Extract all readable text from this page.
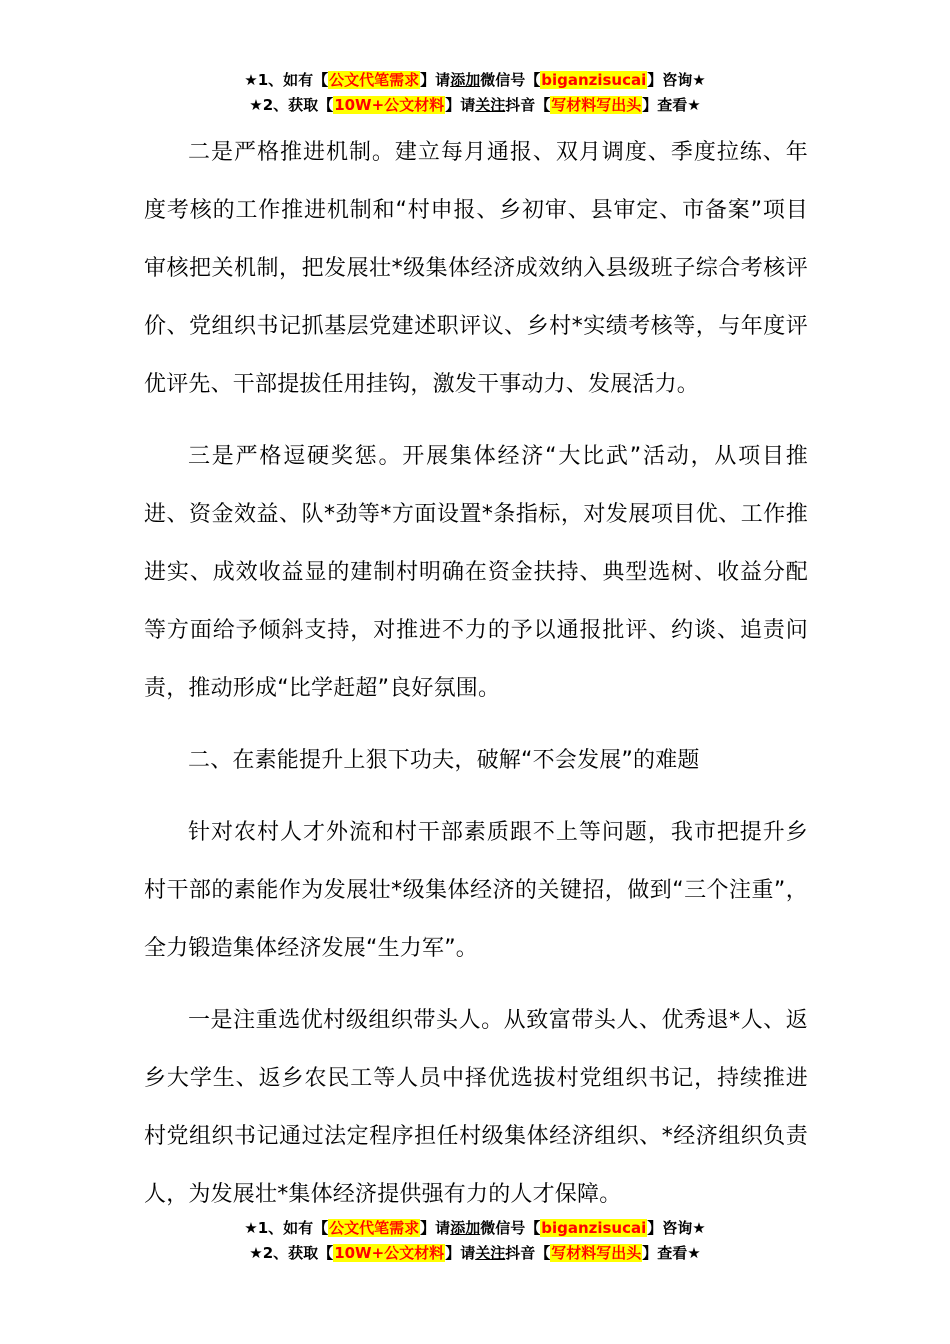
★1、如有【公文代笔需求】请添加微信号【biganzisucai】咨询★
★2、获取【10W+公文材料】请关注抖音【写材料写出头】查看★

二是严格推进机制。建立每月通报、双月调度、季度拉练、年度考核的工作推进机制和“村申报、乡初审、县审定、市备案”项目审核把关机制，把发展壮*级集体经济成效纳入县级班子综合考核评价、党组织书记抓基层党建述职评议、乡村*实绩考核等，与年度评优评先、干部提拔任用挂钩，激发干事动力、发展活力。

三是严格逗硬奖惩。开展集体经济“大比武”活动，从项目推进、资金效益、队*劲等*方面设置*条指标，对发展项目优、工作推进实、成效收益显的建制村明确在资金扶持、典型选树、收益分配等方面给予倾斜支持，对推进不力的予以通报批评、约谈、追责问责，推动形成“比学赶超”良好氛围。

二、在素能提升上狠下功夫，破解“不会发展”的难题

针对农村人才外流和村干部素质跟不上等问题，我市把提升乡村干部的素能作为发展壮*级集体经济的关键招，做到“三个注重”，全力锻造集体经济发展“生力军”。

一是注重选优村级组织带头人。从致富带头人、优秀退*人、返乡大学生、返乡农民工等人员中择优选拔村党组织书记，持续推进村党组织书记通过法定程序担任村级集体经济组织、*经济组织负责人，为发展壮*集体经济提供强有力的人才保障。

★1、如有【公文代笔需求】请添加微信号【biganzisucai】咨询★
★2、获取【10W+公文材料】请关注抖音【写材料写出头】查看★
